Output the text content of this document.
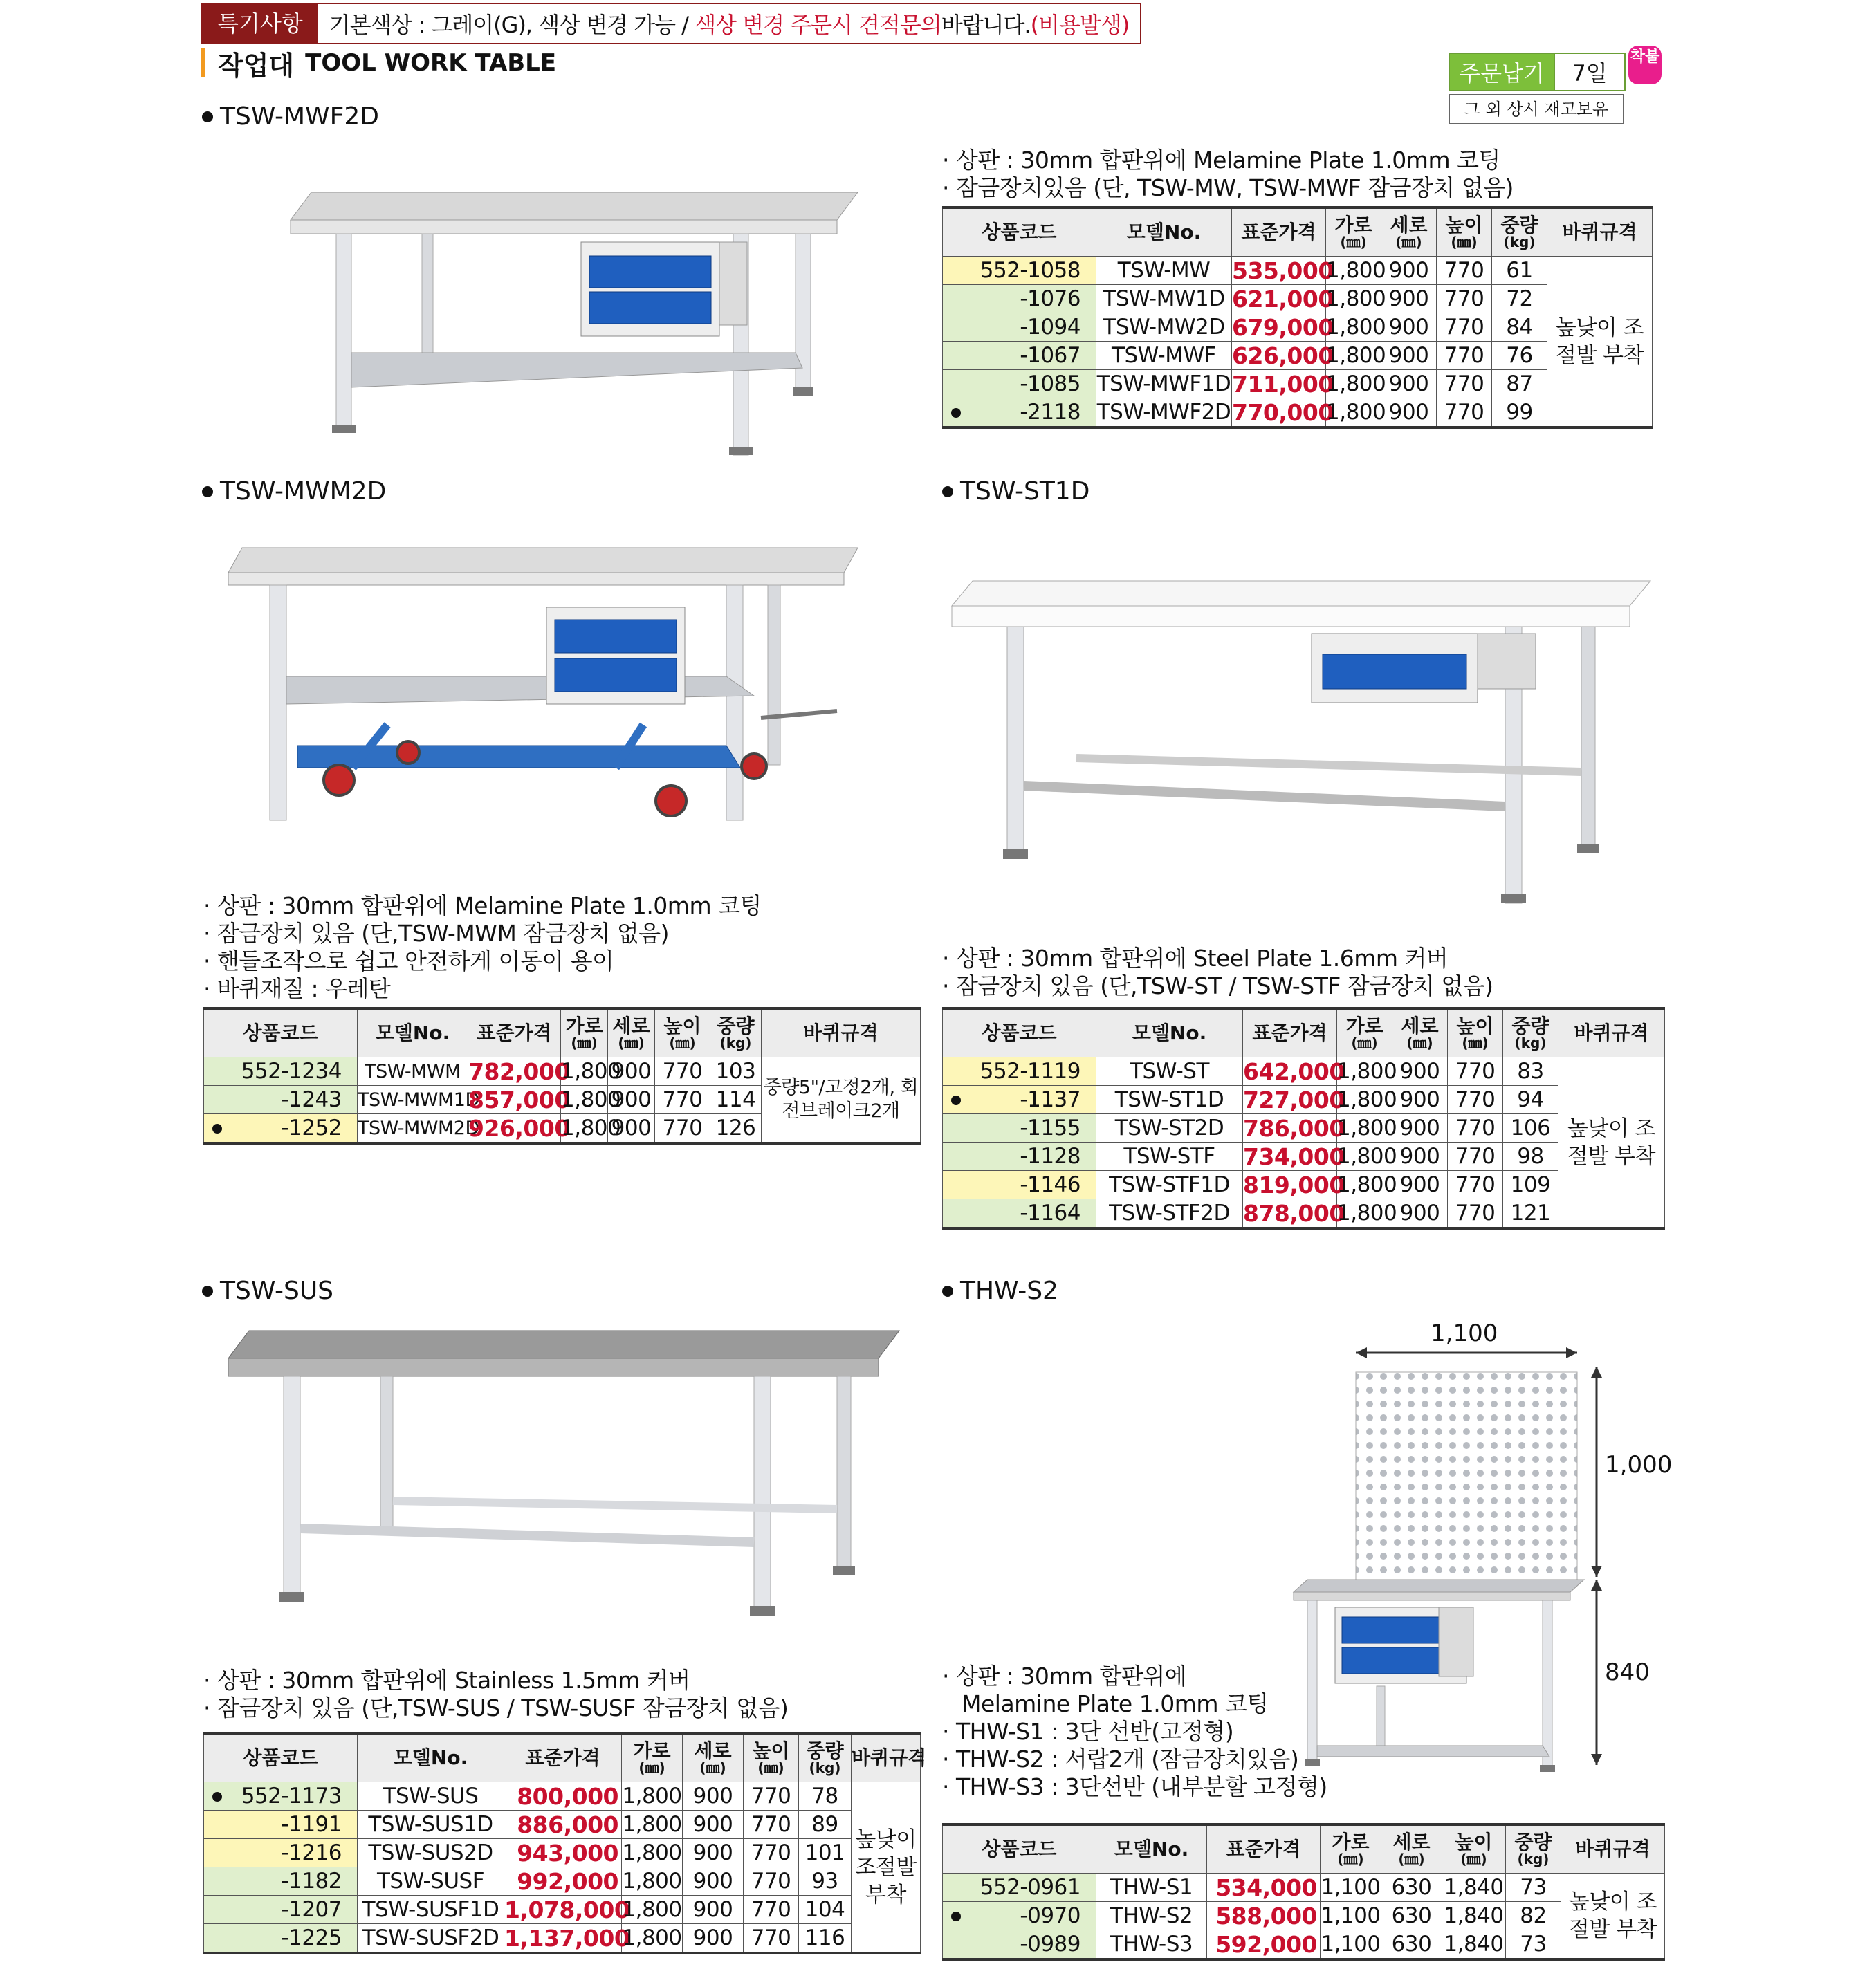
특기사항	기본색상 : 그레이(G), 색상 변경 가능 / 색상 변경 주문시 견적문의바랍니다.(비용발생)
작업대 TOOL WORK TABLE	주문납기	7일
그 외 상시 재고보유
착불
TSW-MWF2D
· 상판 : 30mm 합판위에 Melamine Plate 1.0mm 코팅
· 잠금장치있음 (단, TSW-MW, TSW-MWF 잠금장치 없음)
상품코드	모델No.	표준가격	가로
(㎜)	세로
(㎜)	높이
(㎜)	중량
(kg)	바퀴규격
552-1058	TSW-MW	535,000	1,800	900	770	61	높낮이 조절발 부착
-1076	TSW-MW1D	621,000	1,800	900	770	72	
-1094	TSW-MW2D	679,000	1,800	900	770	84	
-1067	TSW-MWF	626,000	1,800	900	770	76	
-1085	TSW-MWF1D	711,000	1,800	900	770	87	

-2118	TSW-MWF2D	770,000	1,800	900	770	99	
TSW-MWM2D
· 상판 : 30mm 합판위에 Melamine Plate 1.0mm 코팅
· 잠금장치 있음 (단,TSW-MWM 잠금장치 없음)
· 핸들조작으로 쉽고 안전하게 이동이 용이
· 바퀴재질 : 우레탄
상품코드	모델No.	표준가격	가로
(㎜)	세로
(㎜)	높이
(㎜)	중량
(kg)	바퀴규격
552-1234	TSW-MWM	782,000	1,800	900	770	103	중량5"/고정2개, 회전브레이크2개
-1243	TSW-MWM1D	857,000	1,800	900	770	114	

-1252	TSW-MWM2D	926,000	1,800	900	770	126	
TSW-ST1D
· 상판 : 30mm 합판위에 Steel Plate 1.6mm 커버
· 잠금장치 있음 (단,TSW-ST / TSW-STF 잠금장치 없음)
상품코드	모델No.	표준가격	가로
(㎜)	세로
(㎜)	높이
(㎜)	중량
(kg)	바퀴규격
552-1119	TSW-ST	642,000	1,800	900	770	83	높낮이 조절발 부착

-1137	TSW-ST1D	727,000	1,800	900	770	94	
-1155	TSW-ST2D	786,000	1,800	900	770	106	
-1128	TSW-STF	734,000	1,800	900	770	98	
-1146	TSW-STF1D	819,000	1,800	900	770	109	
-1164	TSW-STF2D	878,000	1,800	900	770	121	
TSW-SUS
· 상판 : 30mm 합판위에 Stainless 1.5mm 커버
· 잠금장치 있음 (단,TSW-SUS / TSW-SUSF 잠금장치 없음)
상품코드	모델No.	표준가격	가로
(㎜)	세로
(㎜)	높이
(㎜)	중량
(kg)	바퀴규격

552-1173	TSW-SUS	800,000	1,800	900	770	78	높낮이 조절발 부착
-1191	TSW-SUS1D	886,000	1,800	900	770	89	
-1216	TSW-SUS2D	943,000	1,800	900	770	101	
-1182	TSW-SUSF	992,000	1,800	900	770	93	
-1207	TSW-SUSF1D	1,078,000	1,800	900	770	104	
-1225	TSW-SUSF2D	1,137,000	1,800	900	770	116	
THW-S2
1,100
1,000
840
· 상판 : 30mm 합판위에
Melamine Plate 1.0mm 코팅
· THW-S1 : 3단 선반(고정형)
· THW-S2 : 서랍2개 (잠금장치있음)
· THW-S3 : 3단선반 (내부분할 고정형)
상품코드	모델No.	표준가격	가로
(㎜)	세로
(㎜)	높이
(㎜)	중량
(kg)	바퀴규격
552-0961	THW-S1	534,000	1,100	630	1,840	73	높낮이 조절발 부착

-0970	THW-S2	588,000	1,100	630	1,840	82	
-0989	THW-S3	592,000	1,100	630	1,840	73	
